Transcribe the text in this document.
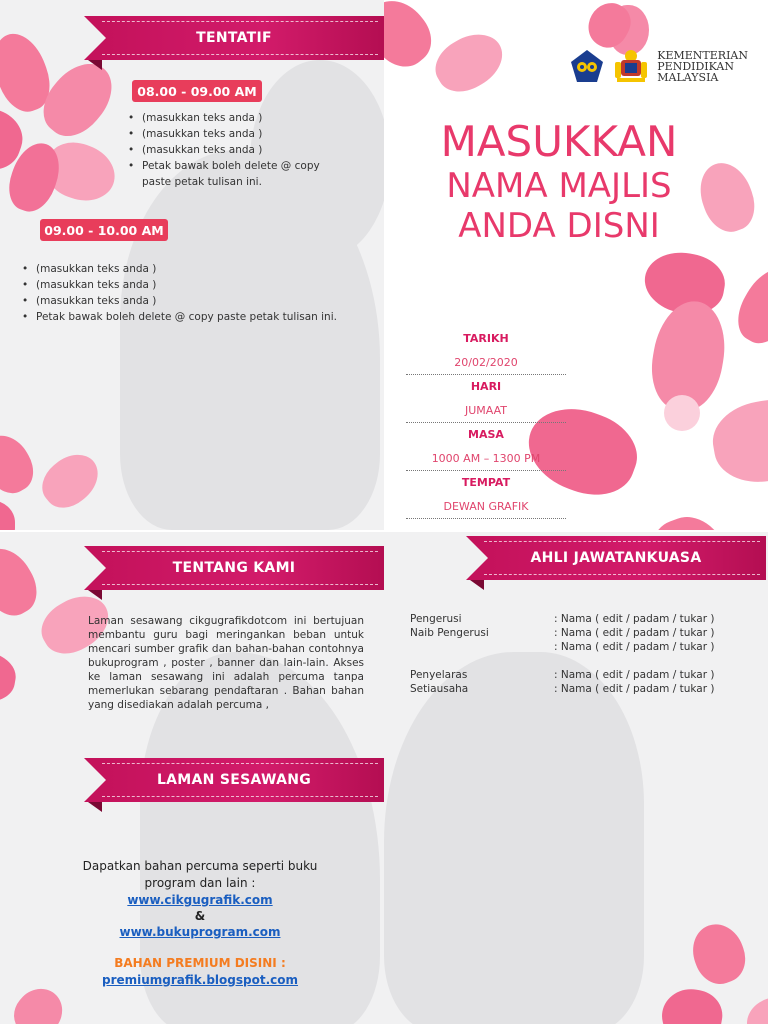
TENTATIF
08.00 - 09.00 AM
• (masukkan teks anda )
• (masukkan teks anda )
• (masukkan teks anda )
• Petak bawak boleh delete @ copy paste petak tulisan ini.
09.00 - 10.00 AM
• (masukkan teks anda )
• (masukkan teks anda )
• (masukkan teks anda )
• Petak bawak boleh delete @ copy paste petak tulisan ini.
KEMENTERIAN
PENDIDIKAN
MALAYSIA
MASUKKAN
NAMA MAJLIS
ANDA DISNI
TARIKH
20/02/2020
HARI
JUMAAT
MASA
1000 AM – 1300 PM
TEMPAT
DEWAN GRAFIK
TENTANG KAMI
Laman sesawang cikgugrafikdotcom ini bertujuan membantu guru bagi meringankan beban untuk mencari sumber grafik dan bahan-bahan contohnya bukuprogram , poster , banner dan lain-lain. Akses ke laman sesawang ini adalah percuma tanpa memerlukan sebarang pendaftaran . Bahan bahan yang disediakan adalah percuma ,
LAMAN SESAWANG
Dapatkan bahan percuma seperti buku
program dan lain :
www.cikgugrafik.com
&
www.bukuprogram.com
BAHAN PREMIUM DISINI :
premiumgrafik.blogspot.com
AHLI JAWATANKUASA
Pengerusi	: Nama ( edit / padam / tukar )
Naib Pengerusi	: Nama ( edit / padam / tukar )
	: Nama ( edit / padam / tukar )

Penyelaras	: Nama ( edit / padam / tukar )
Setiausaha	: Nama ( edit / padam / tukar )
